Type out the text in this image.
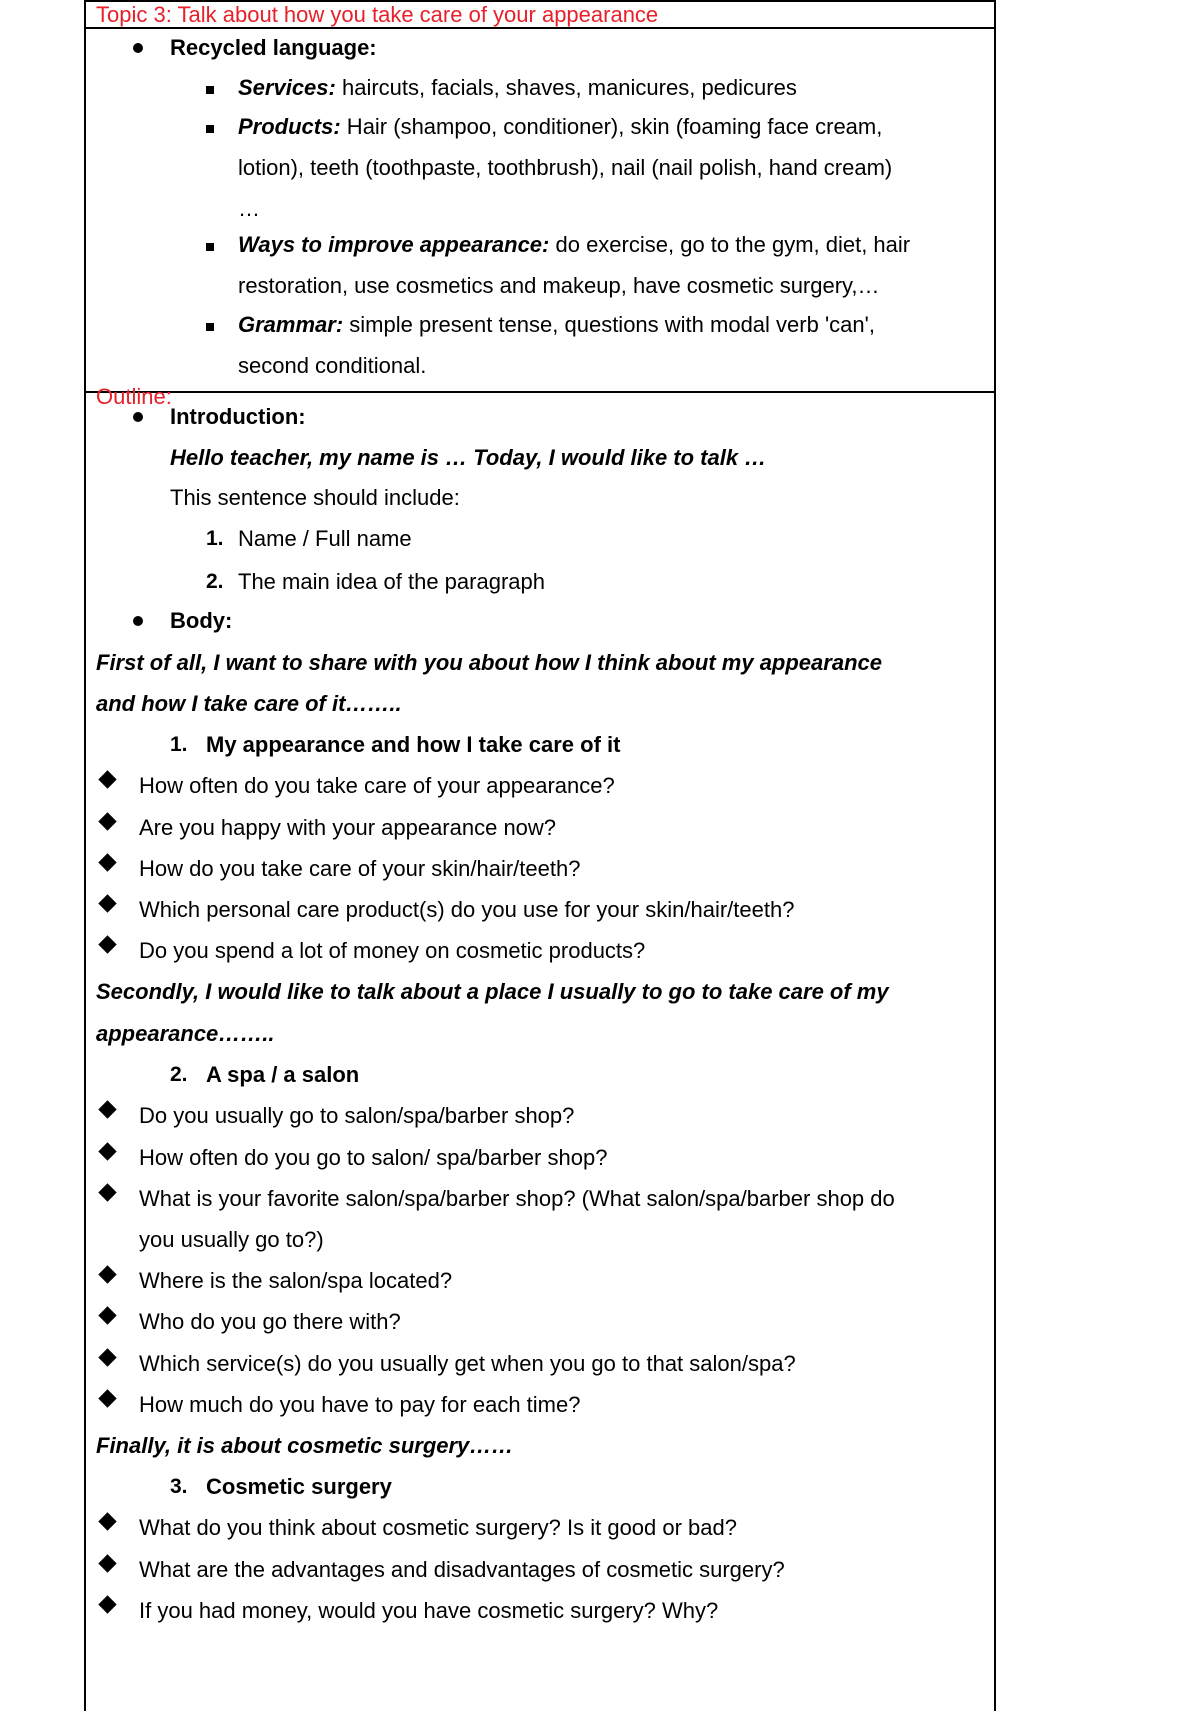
Topic 3: Talk about how you take care of your appearance
Recycled language:
Services: haircuts, facials, shaves, manicures, pedicures
Products: Hair (shampoo, conditioner), skin (foaming face cream,
lotion), teeth (toothpaste, toothbrush), nail (nail polish, hand cream)
…
Ways to improve appearance: do exercise, go to the gym, diet, hair
restoration, use cosmetics and makeup, have cosmetic surgery,…
Grammar: simple present tense, questions with modal verb 'can',
second conditional.
Outline:
Introduction:
Hello teacher, my name is … Today, I would like to talk …
This sentence should include:
1. Name / Full name
2. The main idea of the paragraph
Body:
First of all, I want to share with you about how I think about my appearance
and how I take care of it……..
1. My appearance and how I take care of it
How often do you take care of your appearance?
Are you happy with your appearance now?
How do you take care of your skin/hair/teeth?
Which personal care product(s) do you use for your skin/hair/teeth?
Do you spend a lot of money on cosmetic products?
Secondly, I would like to talk about a place I usually to go to take care of my
appearance……..
2. A spa / a salon
Do you usually go to salon/spa/barber shop?
How often do you go to salon/ spa/barber shop?
What is your favorite salon/spa/barber shop? (What salon/spa/barber shop do
you usually go to?)
Where is the salon/spa located?
Who do you go there with?
Which service(s) do you usually get when you go to that salon/spa?
How much do you have to pay for each time?
Finally, it is about cosmetic surgery……
3. Cosmetic surgery
What do you think about cosmetic surgery? Is it good or bad?
What are the advantages and disadvantages of cosmetic surgery?
If you had money, would you have cosmetic surgery? Why?
